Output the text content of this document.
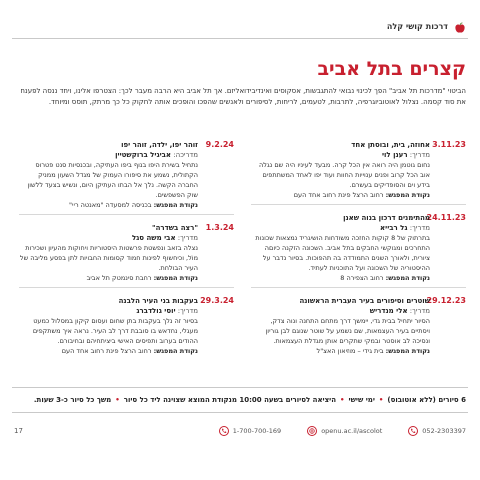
דרכות קושי קלה
קצרים בתל אביב
הביטוי "מדרכות תל אביב" הפך לכינוי נבואי להתגבשות, אסקוסים ואינדיבידואליזם. אך תל אביב היא הרבה מעבר לכך: הצטרפו אלינו, ויחד ננסה לפענח את סוד קסמה. נצלול לאוטוביוגרפיה, לתרבות, לטעמים, לריחות, לסיפורים ולאנשים שהפכו והופכים אותה לחקוק כל כך מרתק, תוסס ומיוחד.
3.11.23
אחוזה, בית, ובוסתן אחד
מדריך: רענן לוי
נחום גוטמן היה רואה אין הכל קרה. מבעד לעיניו היה שם נגלה אוב הכל קרוב ופנים ענוייות החוות ועוד יפו לאחד המשתתפים בידע וים והסופדיקים בעשרם.
נקודת המפגש: רחוב הרצל פינת רחוב אחד העם
24.11.23
מהתימנים דרכון בנוה שאנן
מדריך: גל רבייא
בתרתוק של 8 קוקות החזכה משודחות הושיגריד נמצאות שכונות התחרכים ומגוקשי החבקים בתל אביב. השכונה הזקנה כיוםה ציורית, ולאורך השנים התמודדה בה תהפוכות. בסיור נדבר על ההיסטוריה של השכונה ועל התוכניות לעתיד.
נקודת המפגש: רחוב הצפירה 8
29.12.23
שוטרים וסיפורים בעיר העברית הראשונה
מדריך: אלי מנדריש
הסיור יתחיל בבית גדי, יימשך דרך מתחם התחנה ונוה צדק, ויסתיים בעיר העצמאות, שם נשמע על שוטר שנוגם לבן גוריון ונסיכה לב אוסטר ובמקי שתקרים אותן מגדלת העצמאות.
נקודת המפגש: בית גידי – מוזיאון האצ"ל
9.2.24
זוהר יפו, ילדה, זוהר יפו
מדריכה: אביגיל ברוקשטיין
נתחיל בשירת היפו בנוף ביפו העתיקה, ובכנסיות סנט פטרוס הקתולית, נשמע את סיפורו העמוק של מגדל השעון ממניק החברה הקשה. נלך אל הבתו העתיקן היום, ונשיש בצעד ללשון שוק הפשפשים.
נקודת המפגש: בכניסה למסעדה "מאנטה ריי"
1.3.24
"רצה בשדרה"
מדריך: אבי משה סגל
נצלה בזאב ונפשטת פרשטות היסטוריות ויחוקות מהעיון ושכירות מוֹל, וכיחשוף לפינות חמוד קסומות החבויות לתן בפסע מליבה של העיר הבולחת.
נקודת המפגש: רחבת סינמטק תל אביב
29.3.24
בעקבות בני העיר הלבנה
מדריך: יוסי גולדברג
בסיור זה נלך בעקבות בתן שחום ועסום קיקון במסלול כמעט מעגלי, נחדאש בו סובבת דרך לב העיר. נראה איך משתקפים ההודים בערוב ותפיסים האישי ביציתחיהם ובחיבורם.
נקודת המפגש: רחוב הרצל פינת רחוב אחד העם
6 סיורים (ללא אוטובוס)•ימי שישי•היציאה לסיורים בשעה 10:00 מנקודת המוצא שצוינה ליד כל סיור•משך כל סיור כ-3 שעות.
17	1-700-700-169	openu.ac.il/ascolot	052-2303397
